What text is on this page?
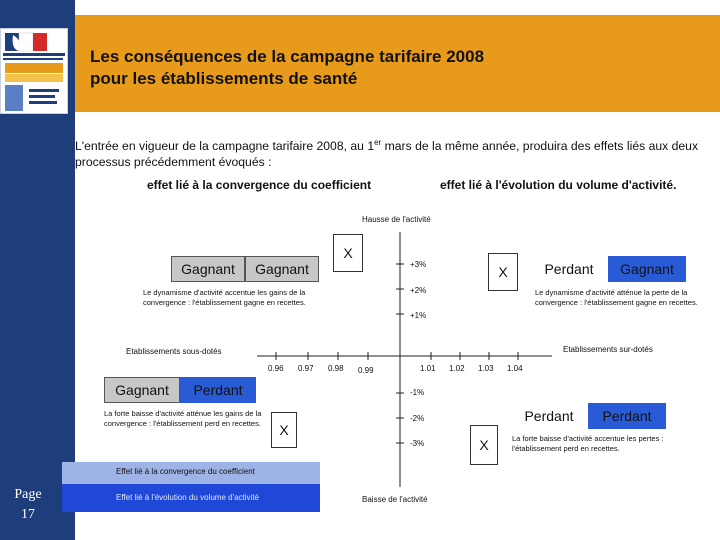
Les conséquences de la campagne tarifaire 2008
pour les établissements de santé
L'entrée en vigueur de la campagne tarifaire 2008, au 1er mars de la même année, produira des effets liés aux deux processus précédemment évoqués :
effet lié à la convergence du coefficient	effet lié à l'évolution du volume d'activité.
Hausse de l'activité
Baisse de l'activité
Etablissements sous-dotés	Etablissements sur-dotés
0.96 0.97 0.98 0.99	1.01 1.02 1.03 1.04
+3%
+2%
+1%
-1%
-2%
-3%
Gagnant	Gagnant
X
Le dynamisme d'activité accentue les gains de la convergence : l'établissement gagne en recettes.
X	Perdant	Gagnant
Le dynamisme d'activité atténue la perte de la convergence : l'établissement gagne en recettes.
Gagnant	Perdant
La forte baisse d'activité atténue les gains de la convergence : l'établissement perd en recettes.	X
Perdant	Perdant
X	La forte baisse d'activité accentue les pertes : l'établissement perd en recettes.
Effet lié à la convergence du coefficient
Effet lié à l'évolution du volume d'activité
Page
17
